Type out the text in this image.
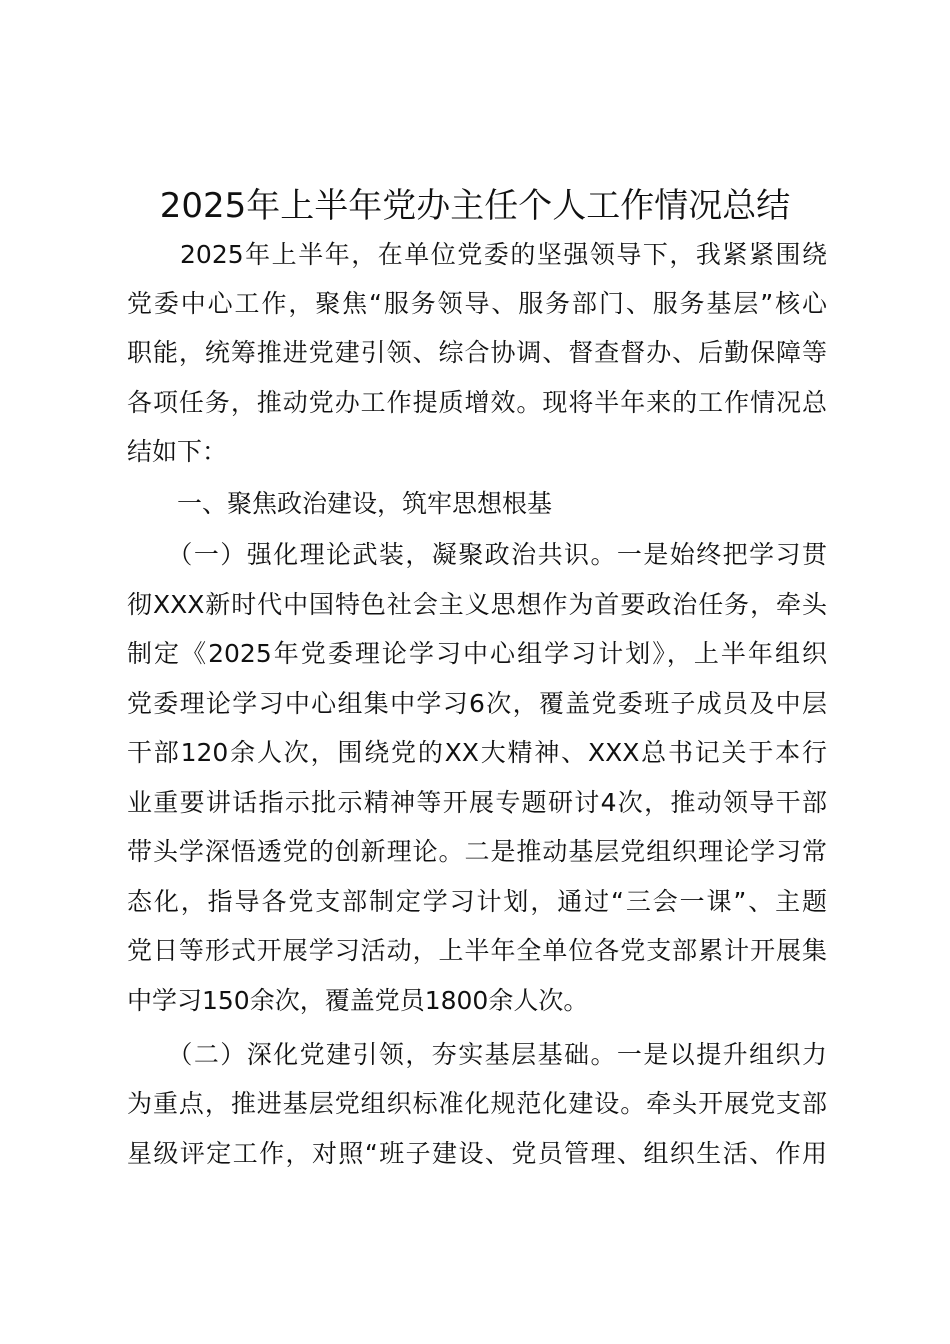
2025年上半年党办主任个人工作情况总结
　　2025年上半年，在单位党委的坚强领导下，我紧紧围绕
党委中心工作，聚焦“服务领导、服务部门、服务基层”核心
职能，统筹推进党建引领、综合协调、督查督办、后勤保障等
各项任务，推动党办工作提质增效。现将半年来的工作情况总
结如下：
　　一、聚焦政治建设，筑牢思想根基
　　（一）强化理论武装，凝聚政治共识。一是始终把学习贯
彻XXX新时代中国特色社会主义思想作为首要政治任务，牵头
制定《2025年党委理论学习中心组学习计划》，上半年组织
党委理论学习中心组集中学习6次，覆盖党委班子成员及中层
干部120余人次，围绕党的XX大精神、XXX总书记关于本行
业重要讲话指示批示精神等开展专题研讨4次，推动领导干部
带头学深悟透党的创新理论。二是推动基层党组织理论学习常
态化，指导各党支部制定学习计划，通过“三会一课”、主题
党日等形式开展学习活动，上半年全单位各党支部累计开展集
中学习150余次，覆盖党员1800余人次。
　　（二）深化党建引领，夯实基层基础。一是以提升组织力
为重点，推进基层党组织标准化规范化建设。牵头开展党支部
星级评定工作，对照“班子建设、党员管理、组织生活、作用
